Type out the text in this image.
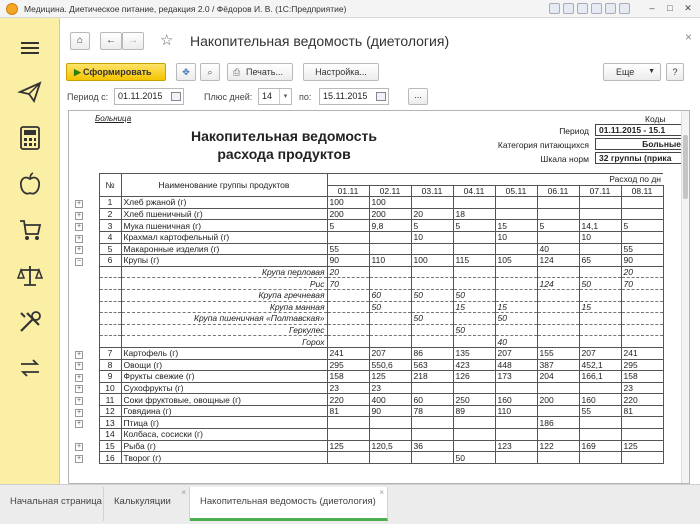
Медицина. Диетическое питание, редакция 2.0 / Фёдоров И. В. (1С:Предприятие)	–	□	✕
⌂	←	→	☆ Накопительная ведомость (диетология)	×
▶ Сформировать	✥	⌕	⎙ Печать...	Настройка...	Еще ▼	?
Период с:	01.11.2015	Плюс дней:	14	▾	по:	15.11.2015	...
Больница
Накопительная ведомость
расхода продуктов
Коды
Период	01.11.2015 - 15.1
Категория питающихся	Больные
Шкала норм	32 группы (прика
		№	Наименование группы продуктов	Расход по дн							
				01.11	02.11	03.11	04.11	05.11	06.11	07.11	08.11
+		1	Хлеб ржаной (г)	100	100						
+		2	Хлеб пшеничный (г)	200	200	20	18				
+		3	Мука пшеничная (г)	5	9,8	5	5	15	5	14,1	5
+		4	Крахмал картофельный (г)			10		10		10	
+		5	Макаронные изделия (г)	55					40		55
−		6	Крупы (г)	90	110	100	115	105	124	65	90
			Крупа перловая	20							20
			Рис	70					124	50	70
			Крупа гречневая		60	50	50				
			Крупа манная		50		15	15		15	
			Крупа пшеничная «Полтавская»			50		50			
			Геркулес				50				
			Горох					40			
+		7	Картофель (г)	241	207	86	135	207	155	207	241
+		8	Овощи (г)	295	550,6	563	423	448	387	452,1	295
+		9	Фрукты свежие (г)	158	125	218	126	173	204	166,1	158
+		10	Сухофрукты (г)	23	23						23
+		11	Соки фруктовые, овощные (г)	220	400	60	250	160	200	160	220
+		12	Говядина (г)	81	90	78	89	110		55	81
+		13	Птица (г)						186		
		14	Колбаса, сосиски (г)								
+		15	Рыба (г)	125	120,5	36		123	122	169	125
+		16	Творог (г)				50				
Начальная страница	Калькуляции
×
Накопительная ведомость (диетология)
×
